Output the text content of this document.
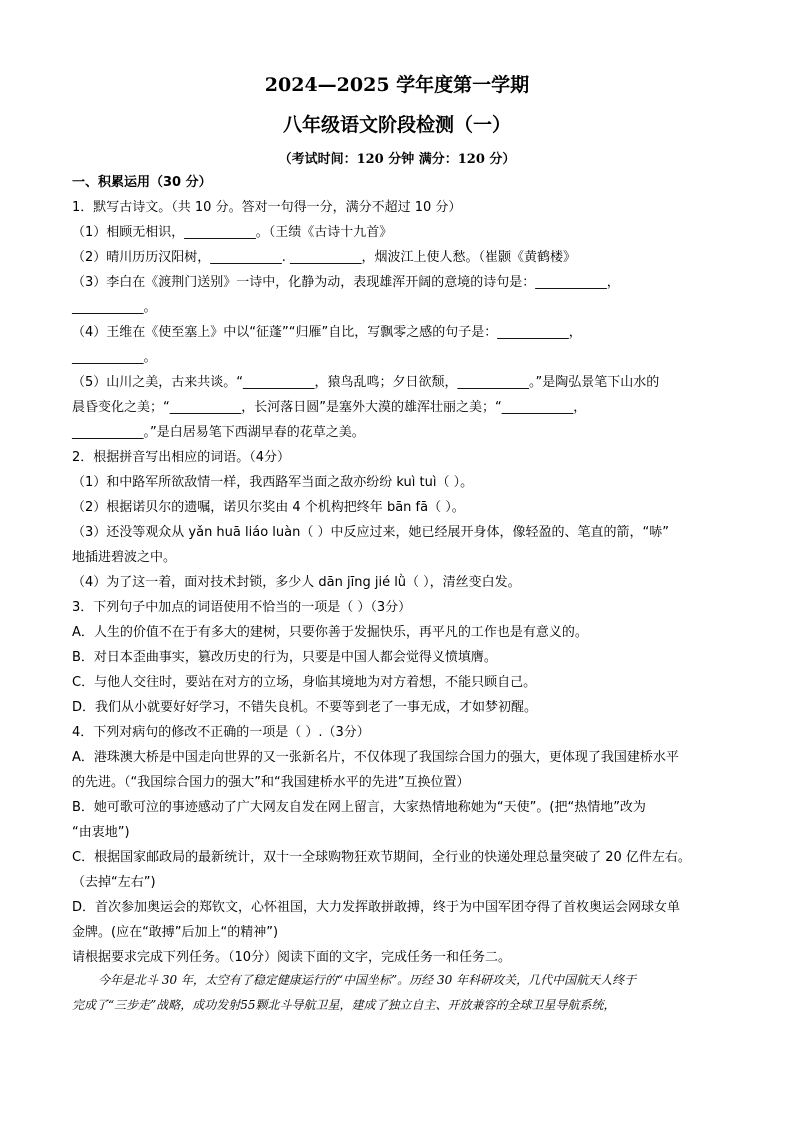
2024—2025 学年度第一学期
八年级语文阶段检测（一）
（考试时间：120 分钟 满分：120 分）

一、积累运用（30 分）

1．默写古诗文。（共 10 分。答对一句得一分，满分不超过 10 分）

（1）相顾无相识，___________。（王绩《古诗十九首》

（2）晴川历历汉阳树，___________. ___________，烟波江上使人愁。（崔颢《黄鹤楼》

（3）李白在《渡荆门送别》一诗中，化静为动，表现雄浑开阔的意境的诗句是：___________，

___________。

（4）王维在《使至塞上》中以“征蓬”“归雁”自比，写飘零之感的句子是：___________，

___________。

（5）山川之美，古来共谈。“___________，猿鸟乱鸣；夕日欲颓，___________。”是陶弘景笔下山水的

晨昏变化之美；“___________，长河落日圆”是塞外大漠的雄浑壮丽之美；“___________，

___________。”是白居易笔下西湖早春的花草之美。

2．根据拼音写出相应的词语。（4分）

（1）和中路军所欲敌情一样，我西路军当面之敌亦纷纷 kuì tuì（ ）。

（2）根据诺贝尔的遗嘱，诺贝尔奖由 4 个机构把终年 bān fā（ ）。

（3）还没等观众从 yǎn huā liáo luàn（ ）中反应过来，她已经展开身体，像轻盈的、笔直的箭，“哧”

地插进碧波之中。

（4）为了这一着，面对技术封锁，多少人 dān jīng jié lǜ（ ），清丝变白发。

3．下列句子中加点的词语使用不恰当的一项是（ ）（3分）

A．人生的价值不在于有多大的建树，只要你善于发掘快乐，再平凡的工作也是有意义的。

B．对日本歪曲事实，篡改历史的行为，只要是中国人都会觉得义愤填膺。

C．与他人交往时，要站在对方的立场，身临其境地为对方着想，不能只顾自己。

D．我们从小就要好好学习，不错失良机。不要等到老了一事无成，才如梦初醒。

4．下列对病句的修改不正确的一项是（ ）.（3分）

A．港珠澳大桥是中国走向世界的又一张新名片，不仅体现了我国综合国力的强大，更体现了我国建桥水平

的先进。（“我国综合国力的强大”和“我国建桥水平的先进”互换位置）

B．她可歌可泣的事迹感动了广大网友自发在网上留言，大家热情地称她为“天使”。(把“热情地”改为

“由衷地”)

C．根据国家邮政局的最新统计，双十一全球购物狂欢节期间，全行业的快递处理总量突破了 20 亿件左右。

（去掉“左右”)

D．首次参加奥运会的郑钦文，心怀祖国，大力发挥敢拼敢搏，终于为中国军团夺得了首枚奥运会网球女单

金牌。(应在“敢搏”后加上“的精神”)

请根据要求完成下列任务。（10分）阅读下面的文字，完成任务一和任务二。

今年是北斗 30 年，太空有了稳定健康运行的“中国坐标”。历经 30 年科研攻关，几代中国航天人终于

完成了“三步走”战略，成功发射55颗北斗导航卫星，建成了独立自主、开放兼容的全球卫星导航系统，
